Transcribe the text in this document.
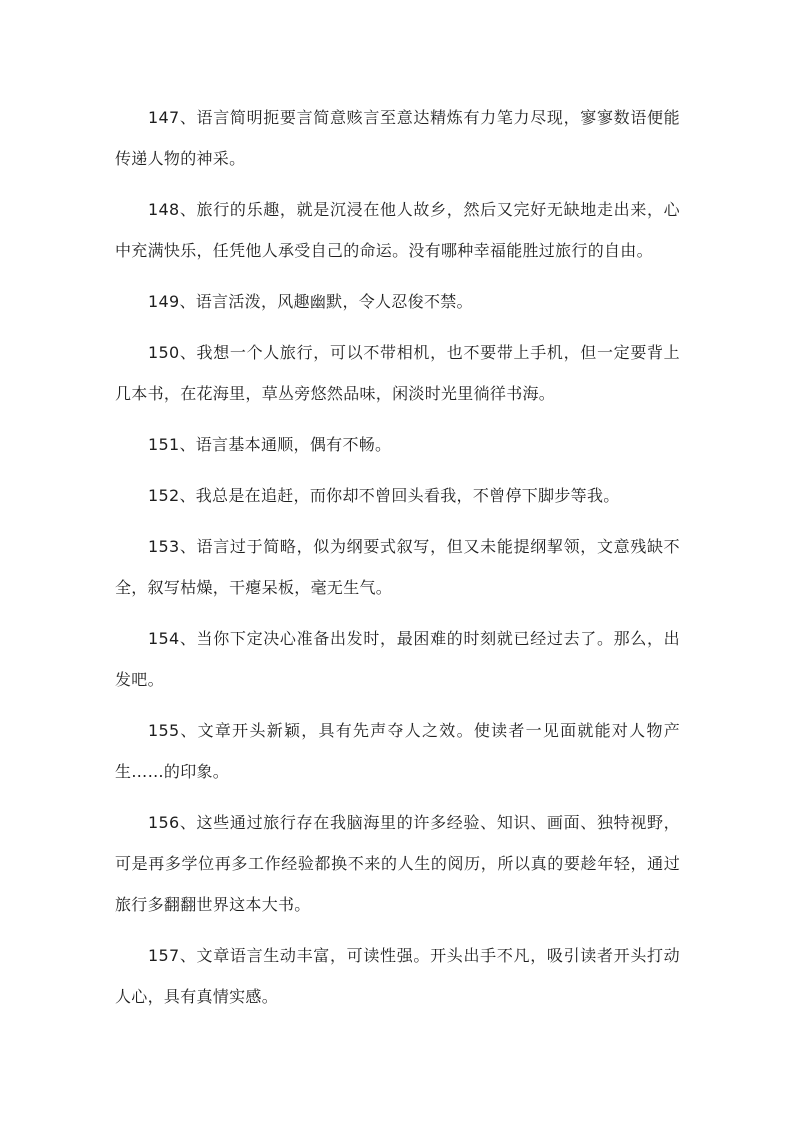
147、语言简明扼要言简意赅言至意达精炼有力笔力尽现，寥寥数语便能传递人物的神采。

148、旅行的乐趣，就是沉浸在他人故乡，然后又完好无缺地走出来，心中充满快乐，任凭他人承受自己的命运。没有哪种幸福能胜过旅行的自由。

149、语言活泼，风趣幽默，令人忍俊不禁。

150、我想一个人旅行，可以不带相机，也不要带上手机，但一定要背上几本书，在花海里，草丛旁悠然品味，闲淡时光里徜徉书海。

151、语言基本通顺，偶有不畅。

152、我总是在追赶，而你却不曾回头看我，不曾停下脚步等我。

153、语言过于简略，似为纲要式叙写，但又未能提纲挈领，文意残缺不全，叙写枯燥，干瘪呆板，毫无生气。

154、当你下定决心准备出发时，最困难的时刻就已经过去了。那么，出发吧。

155、文章开头新颖，具有先声夺人之效。使读者一见面就能对人物产生……的印象。

156、这些通过旅行存在我脑海里的许多经验、知识、画面、独特视野，可是再多学位再多工作经验都换不来的人生的阅历，所以真的要趁年轻，通过旅行多翻翻世界这本大书。

157、文章语言生动丰富，可读性强。开头出手不凡，吸引读者开头打动人心，具有真情实感。
